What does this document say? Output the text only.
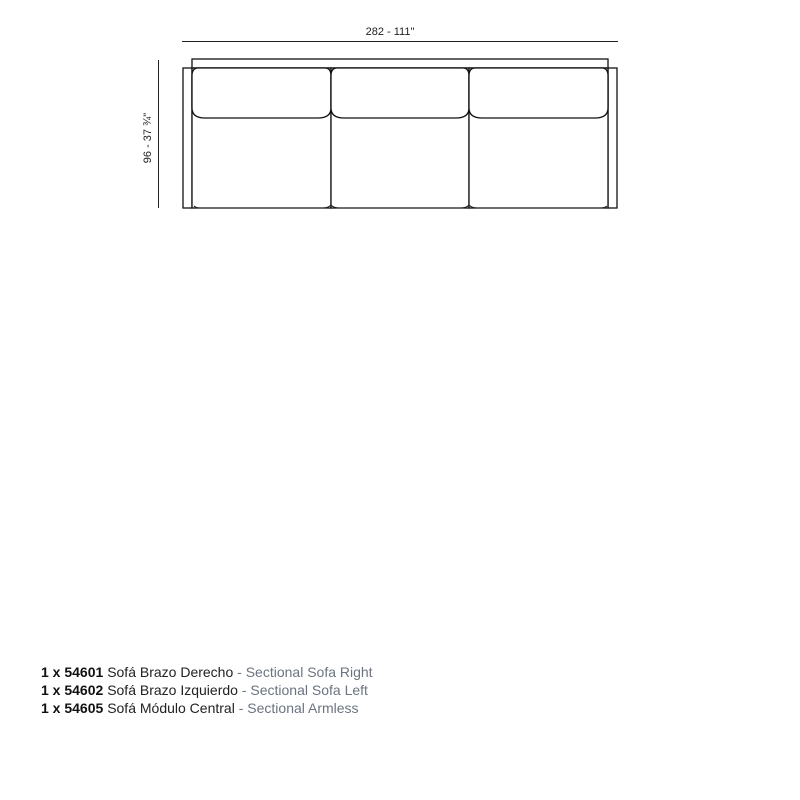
282 - 111"
96 - 37 ¾"
1 x 54601 Sofá Brazo Derecho - Sectional Sofa Right
1 x 54602 Sofá Brazo Izquierdo - Sectional Sofa Left
1 x 54605 Sofá Módulo Central - Sectional Armless
